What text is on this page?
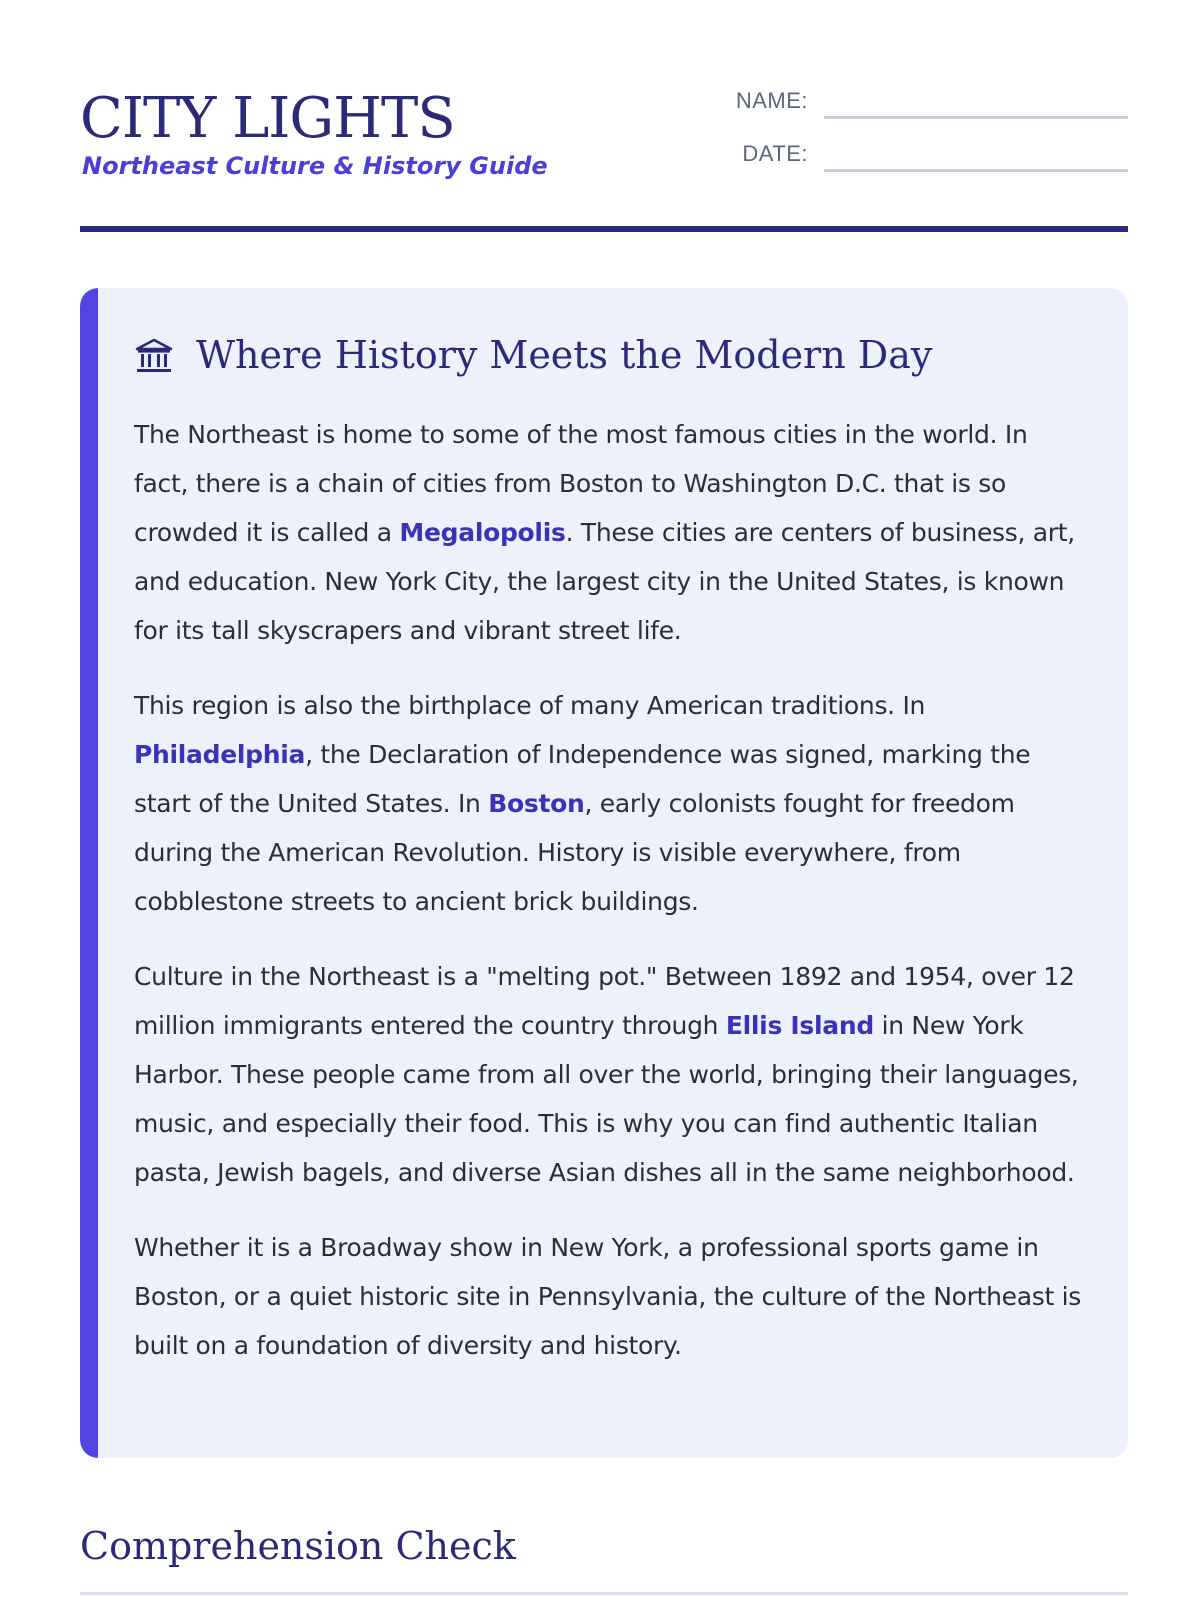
CITY LIGHTS
Northeast Culture & History Guide
NAME:
DATE:
Where History Meets the Modern Day

The Northeast is home to some of the most famous cities in the world. In fact, there is a chain of cities from Boston to Washington D.C. that is so crowded it is called a Megalopolis. These cities are centers of business, art, and education. New York City, the largest city in the United States, is known for its tall skyscrapers and vibrant street life.

This region is also the birthplace of many American traditions. In Philadelphia, the Declaration of Independence was signed, marking the start of the United States. In Boston, early colonists fought for freedom during the American Revolution. History is visible everywhere, from cobblestone streets to ancient brick buildings.

Culture in the Northeast is a "melting pot." Between 1892 and 1954, over 12 million immigrants entered the country through Ellis Island in New York Harbor. These people came from all over the world, bringing their languages, music, and especially their food. This is why you can find authentic Italian pasta, Jewish bagels, and diverse Asian dishes all in the same neighborhood.

Whether it is a Broadway show in New York, a professional sports game in Boston, or a quiet historic site in Pennsylvania, the culture of the Northeast is built on a foundation of diversity and history.

Comprehension Check
